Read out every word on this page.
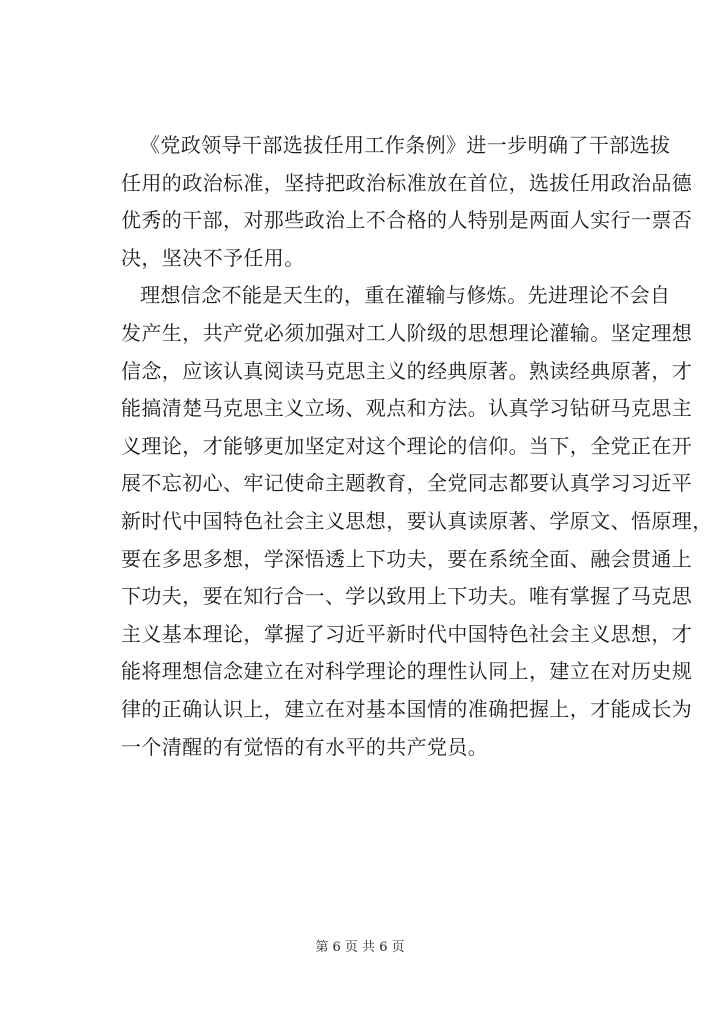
《党政领导干部选拔任用工作条例》进一步明确了干部选拔
任用的政治标准，坚持把政治标准放在首位，选拔任用政治品德
优秀的干部，对那些政治上不合格的人特别是两面人实行一票否
决，坚决不予任用。

理想信念不能是天生的，重在灌输与修炼。先进理论不会自
发产生，共产党必须加强对工人阶级的思想理论灌输。坚定理想
信念，应该认真阅读马克思主义的经典原著。熟读经典原著，才
能搞清楚马克思主义立场、观点和方法。认真学习钻研马克思主
义理论，才能够更加坚定对这个理论的信仰。当下，全党正在开
展不忘初心、牢记使命主题教育，全党同志都要认真学习习近平
新时代中国特色社会主义思想，要认真读原著、学原文、悟原理，
要在多思多想，学深悟透上下功夫，要在系统全面、融会贯通上
下功夫，要在知行合一、学以致用上下功夫。唯有掌握了马克思
主义基本理论，掌握了习近平新时代中国特色社会主义思想，才
能将理想信念建立在对科学理论的理性认同上，建立在对历史规
律的正确认识上，建立在对基本国情的准确把握上，才能成长为
一个清醒的有觉悟的有水平的共产党员。

第 6 页 共 6 页
